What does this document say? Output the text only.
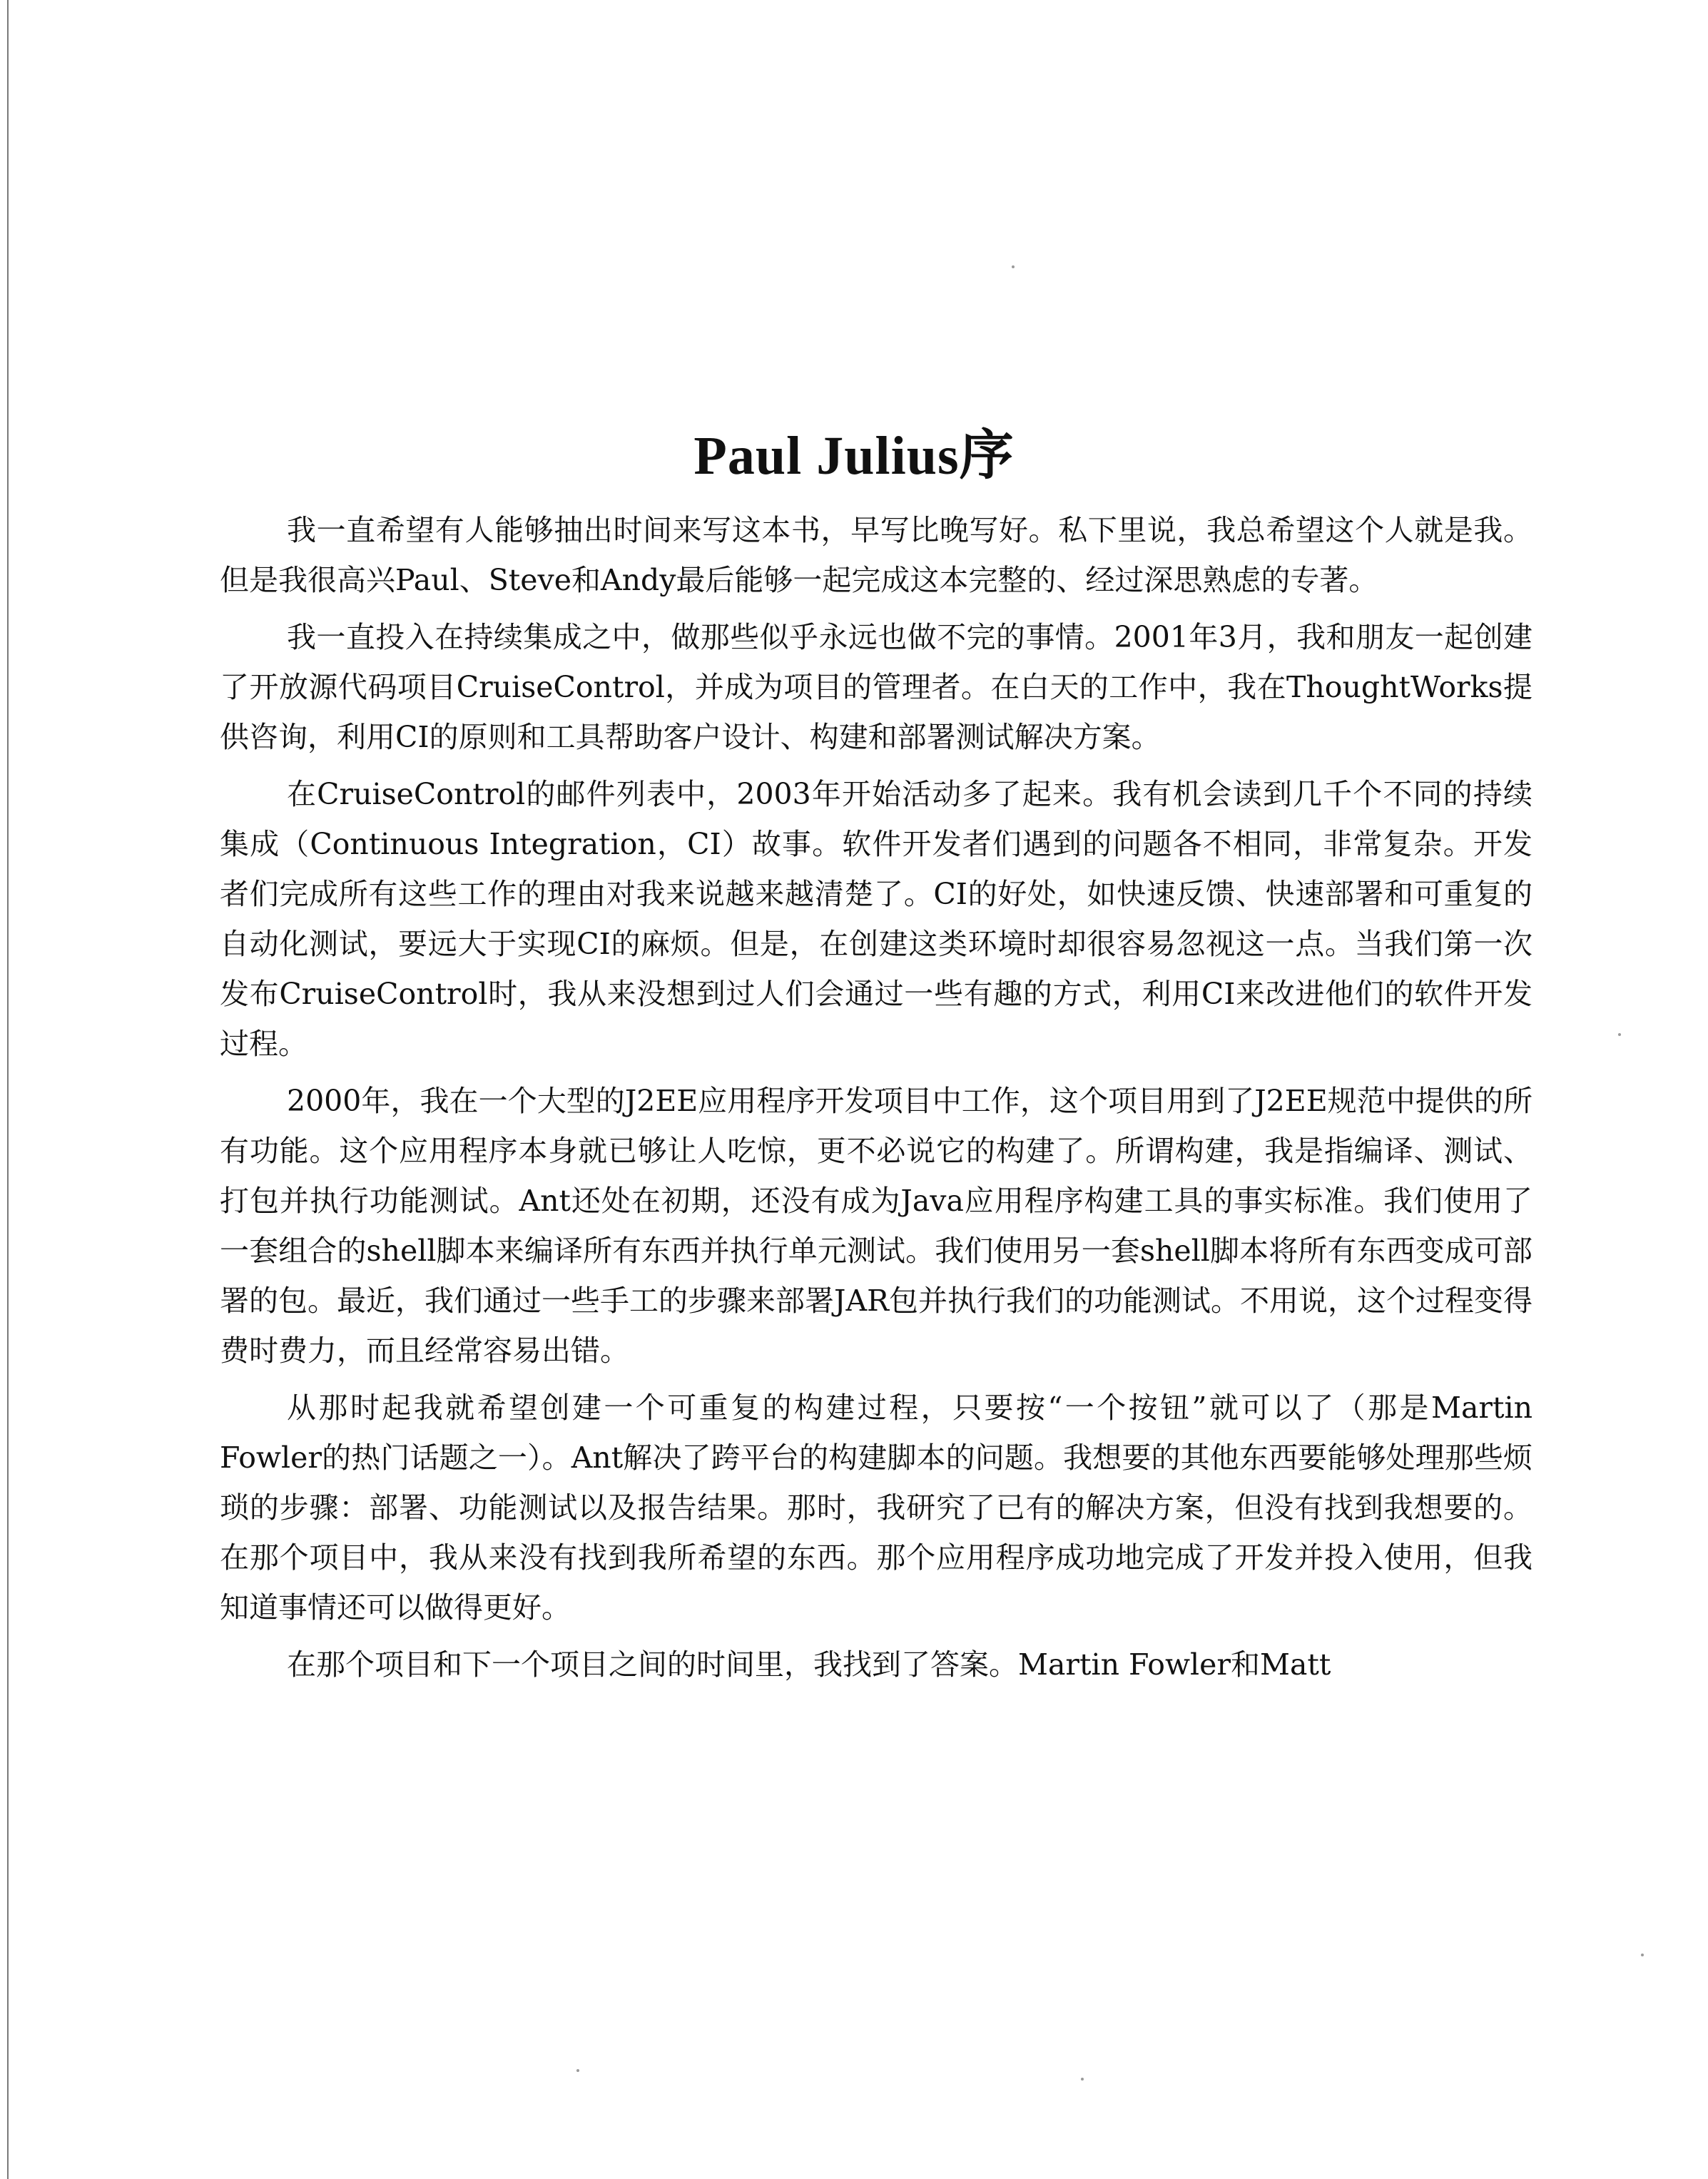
Paul Julius序

我一直希望有人能够抽出时间来写这本书，早写比晚写好。私下里说，我总希望这个人就是我。但是我很高兴Paul、Steve和Andy最后能够一起完成这本完整的、经过深思熟虑的专著。

我一直投入在持续集成之中，做那些似乎永远也做不完的事情。2001年3月，我和朋友一起创建了开放源代码项目CruiseControl，并成为项目的管理者。在白天的工作中，我在ThoughtWorks提供咨询，利用CI的原则和工具帮助客户设计、构建和部署测试解决方案。

在CruiseControl的邮件列表中，2003年开始活动多了起来。我有机会读到几千个不同的持续集成（Continuous Integration，CI）故事。软件开发者们遇到的问题各不相同，非常复杂。开发者们完成所有这些工作的理由对我来说越来越清楚了。CI的好处，如快速反馈、快速部署和可重复的自动化测试，要远大于实现CI的麻烦。但是，在创建这类环境时却很容易忽视这一点。当我们第一次发布CruiseControl时，我从来没想到过人们会通过一些有趣的方式，利用CI来改进他们的软件开发过程。

2000年，我在一个大型的J2EE应用程序开发项目中工作，这个项目用到了J2EE规范中提供的所有功能。这个应用程序本身就已够让人吃惊，更不必说它的构建了。所谓构建，我是指编译、测试、打包并执行功能测试。Ant还处在初期，还没有成为Java应用程序构建工具的事实标准。我们使用了一套组合的shell脚本来编译所有东西并执行单元测试。我们使用另一套shell脚本将所有东西变成可部署的包。最近，我们通过一些手工的步骤来部署JAR包并执行我们的功能测试。不用说，这个过程变得费时费力，而且经常容易出错。

从那时起我就希望创建一个可重复的构建过程，只要按“一个按钮”就可以了（那是Martin Fowler的热门话题之一）。Ant解决了跨平台的构建脚本的问题。我想要的其他东西要能够处理那些烦琐的步骤：部署、功能测试以及报告结果。那时，我研究了已有的解决方案，但没有找到我想要的。在那个项目中，我从来没有找到我所希望的东西。那个应用程序成功地完成了开发并投入使用，但我知道事情还可以做得更好。

在那个项目和下一个项目之间的时间里，我找到了答案。Martin Fowler和Matt
